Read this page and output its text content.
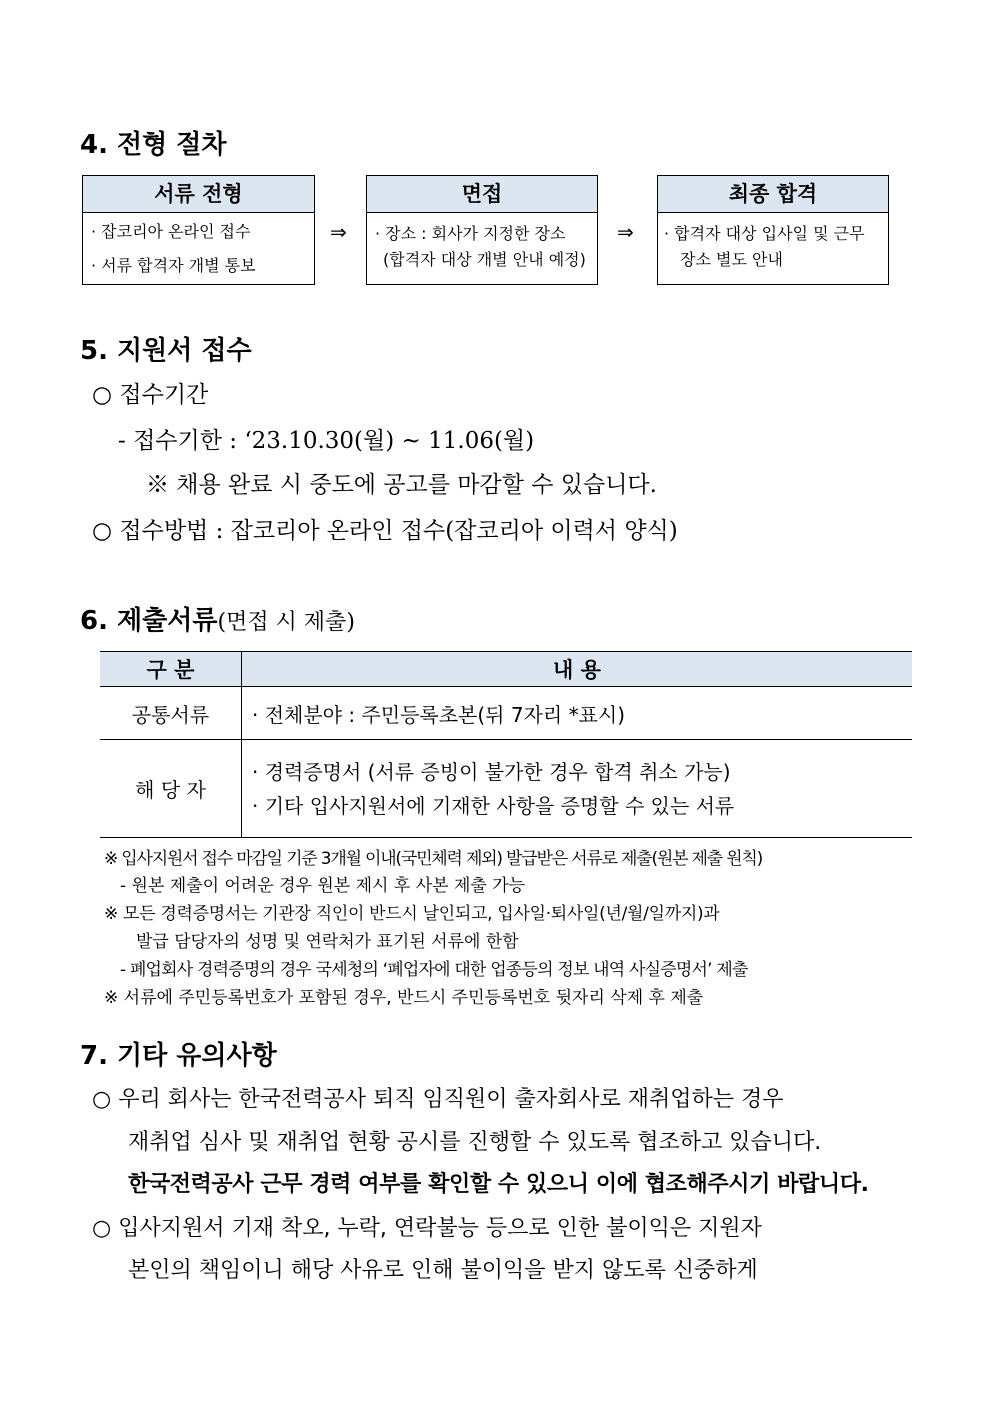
4. 전형 절차
서류 전형
· 잡코리아 온라인 접수
· 서류 합격자 개별 통보
⇒
면접
· 장소 : 회사가 지정한 장소
(합격자 대상 개별 안내 예정)
⇒
최종 합격
· 합격자 대상 입사일 및 근무
장소 별도 안내
5. 지원서 접수
○ 접수기간
- 접수기한 : ‘23.10.30(월) ~ 11.06(월)
※ 채용 완료 시 중도에 공고를 마감할 수 있습니다.
○ 접수방법 : 잡코리아 온라인 접수(잡코리아 이력서 양식)
6. 제출서류(면접 시 제출)
구 분	내 용
공통서류	· 전체분야 : 주민등록초본(뒤 7자리 *표시)
해 당 자	· 경력증명서 (서류 증빙이 불가한 경우 합격 취소 가능)
· 기타 입사지원서에 기재한 사항을 증명할 수 있는 서류
※ 입사지원서 접수 마감일 기준 3개월 이내(국민체력 제외) 발급받은 서류로 제출(원본 제출 원칙)
- 원본 제출이 어려운 경우 원본 제시 후 사본 제출 가능
※ 모든 경력증명서는 기관장 직인이 반드시 날인되고, 입사일·퇴사일(년/월/일까지)과
발급 담당자의 성명 및 연락처가 표기된 서류에 한함
- 폐업회사 경력증명의 경우 국세청의 ‘폐업자에 대한 업종등의 정보 내역 사실증명서’ 제출
※ 서류에 주민등록번호가 포함된 경우, 반드시 주민등록번호 뒷자리 삭제 후 제출
7. 기타 유의사항
○ 우리 회사는 한국전력공사 퇴직 임직원이 출자회사로 재취업하는 경우
재취업 심사 및 재취업 현황 공시를 진행할 수 있도록 협조하고 있습니다.
한국전력공사 근무 경력 여부를 확인할 수 있으니 이에 협조해주시기 바랍니다.
○ 입사지원서 기재 착오, 누락, 연락불능 등으로 인한 불이익은 지원자
본인의 책임이니 해당 사유로 인해 불이익을 받지 않도록 신중하게
